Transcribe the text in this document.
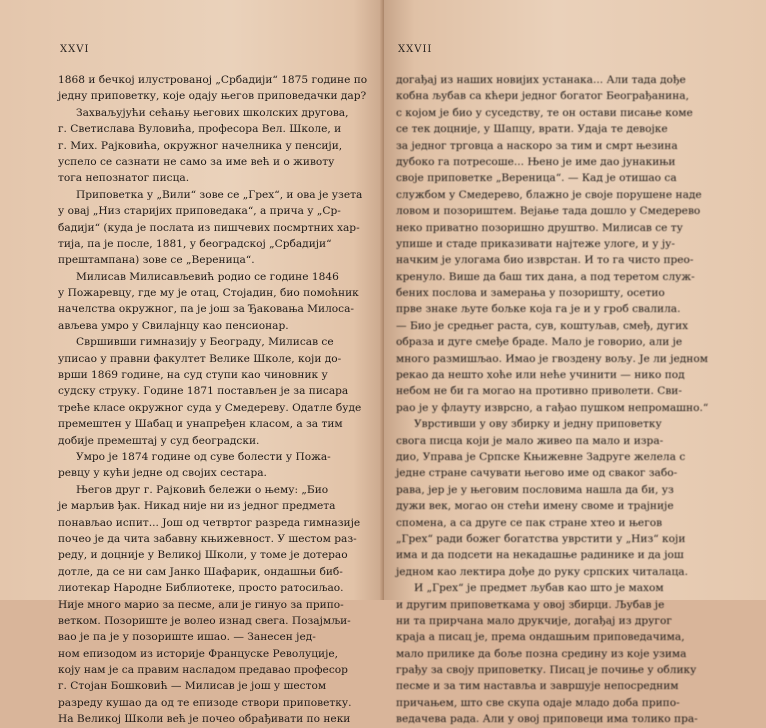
XXVI
1868 и бечкој илустрованој „Србадији“ 1875 године по
једну приповетку, које одају његов приповедачки дар?
Захваљујући сећању његових школских другова,
г. Светислава Вуловића, професора Вел. Школе, и
г. Мих. Рајковића, окружног начелника у пенсији,
успело се сазнати не само за име већ и о животу
тога непознатог писца.
Приповетка у „Вили“ зове се „Грех“, и ова је узета
у овај „Низ старијих приповедака“, а прича у „Ср-
бадији“ (куда је послата из пишчевих посмртних хар-
тија, па је после, 1881, у београдској „Србадији“
прештампана) зове се „Вереница“.
Милисав Милисављевић родио се године 1846
у Пожаревцу, где му је отац, Стојадин, био помоћник
начелства окружног, па је још за Ђаковања Милоса-
ављева умро у Свилајнцу као пенсионар.
Свршивши гимназију у Београду, Милисав се
уписао у правни факултет Велике Школе, који до-
врши 1869 године, на суд ступи као чиновник у
судску струку. Године 1871 постављен је за писара
треће класе окружног суда у Смедереву. Одатле буде
премештен у Шабац и унапређен класом, а за тим
добије премештај у суд београдски.
Умро је 1874 године од суве болести у Пожа-
ревцу у кући једне од својих сестара.
Његов друг г. Рајковић бележи о њему: „Био
је марљив ђак. Никад није ни из једног предмета
понављао испит... Још од четвртог разреда гимназије
почео је да чита забавну књижевност. У шестом раз-
реду, и доцније у Великој Школи, у томе је дотерао
дотле, да се ни сам Јанко Шафарик, ондашњи биб-
лиотекар Народне Библиотеке, просто ратосиљао.
Није много марио за песме, али је гинуо за припо-
ветком. Позориште је волео изнад свега. Позајмљи-
вао је па је у позориште ишао. — Занесен јед-
ном епизодом из историје Француске Револуције,
коју нам је са правим насладом предавао професор
г. Стојан Бошковић — Милисав је још у шестом
разреду кушао да од те епизоде створи приповетку.
На Великој Школи већ је почео обрађивати по неки
XXVII
догађај из наших новијих устанака... Али тада дође
кобна љубав са кћери једног богатог Београђанина,
с којом је био у суседству, те он остави писање коме
се тек доцније, у Шапцу, врати. Удаја те девојке
за једног трговца а наскоро за тим и смрт њезина
дубоко га потресоше... Њено је име дао јунакињи
своје приповетке „Вереница“. — Кад је отишао са
службом у Смедерево, блажно је своје порушене наде
ловом и позориштем. Вејање тада дошло у Смедерево
неко приватно позоришно друштво. Милисав се ту
упише и стаде приказивати најтеже улоге, и у ју-
начким је улогама био изврстан. И то га чисто прео-
кренуло. Више да баш тих дана, а под теретом служ-
бених послова и замерања у позоришту, осетио
прве знаке љуте бољке која га је и у гроб свалила.
— Био је средњег раста, сув, коштуљав, смеђ, дугих
образа и дуге смеђе браде. Мало је говорио, али је
много размишљао. Имао је гвоздену вољу. Је ли једном
рекао да нешто хоће или неће учинити — нико под
небом не би га могао на противно приволети. Сви-
рао је у флауту изврсно, а гађао пушком непромашно.“
Уврстивши у ову збирку и једну приповетку
свога писца који је мало живео па мало и изра-
дио, Управа је Српске Књижевне Задруге желела с
једне стране сачувати његово име од сваког забо-
рава, јер је у његовим пословима нашла да би, уз
дужи век, могао он стећи имену своме и трајније
спомена, а са друге се пак стране хтео и његов
„Грех“ ради божег богатства уврстити у „Низ“ који
има и да подсети на некадашње радинике и да још
једном као лектира дође до руку српских читалаца.
И „Грех“ је предмет љубав као што је махом
и другим приповеткама у овој збирци. Љубав је
ни та прирчана мало друкчије, догађај из другог
краја а писац је, према ондашњим приповедачима,
мало прилике да боље позна средину из које узима
грађу за своју приповетку. Писац је почиње у облику
песме и за тим наставља и завршује непосредним
причањем, што све скупа одаје младо доба припо-
ведачева рада. Али у овој приповеци има толико пра-
